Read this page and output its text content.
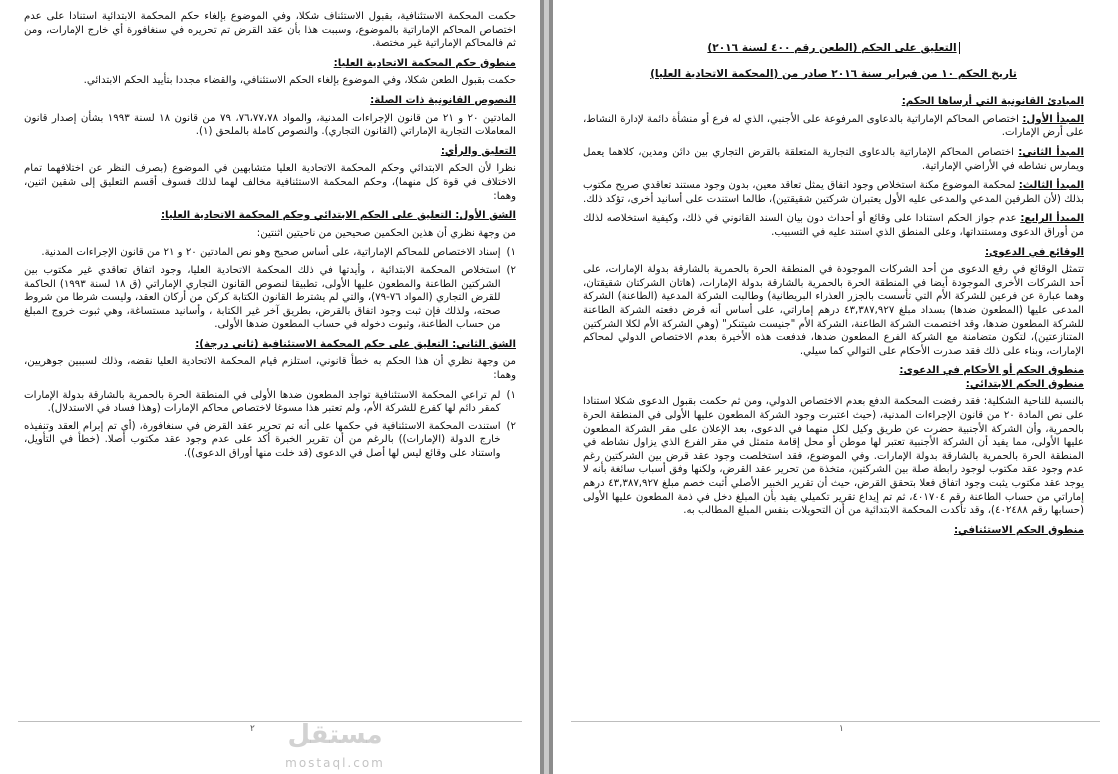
حكمت المحكمة الاستئنافية، بقبول الاستئناف شكلا، وفي الموضوع بإلغاء حكم المحكمة الابتدائية استنادا على عدم اختصاص المحاكم الإماراتية بالموضوع، وسببت هذا بأن عقد القرض تم تحريره في سنغافورة أي خارج الإمارات، ومن ثم فالمحاكم الإماراتية غير مختصة.

منطوق حكم المحكمة الاتحادية العليا:

حكمت بقبول الطعن شكلا، وفي الموضوع بإلغاء الحكم الاستئنافي، والقضاء مجددا بتأييد الحكم الابتدائي.

النصوص القانونية ذات الصلة:

المادتين ٢٠ و ٢١ من قانون الإجراءات المدنية، والمواد ٧٦،٧٧،٧٨، ٧٩ من قانون ١٨ لسنة ١٩٩٣ بشأن إصدار قانون المعاملات التجارية الإماراتي (القانون التجاري). والنصوص كاملة بالملحق (١).

التعليق والرأي:

نظرا لأن الحكم الابتدائي وحكم المحكمة الاتحادية العليا متشابهين في الموضوع (بصرف النظر عن اختلافهما تمام الاختلاف في قوة كل منهما)، وحكم المحكمة الاستئنافية مخالف لهما لذلك فسوف أقسم التعليق إلى شقين اثنين، وهما:

الشق الأول: التعليق على الحكم الابتدائي وحكم المحكمة الاتحادية العليا:

من وجهة نظري أن هذين الحكمين صحيحين من ناحيتين اثنتين:

١)
إسناد الاختصاص للمحاكم الإماراتية، على أساس صحيح وهو نص المادتين ٢٠ و ٢١ من قانون الإجراءات المدنية.
٢)
استخلاص المحكمة الابتدائية ، وأيدتها في ذلك المحكمة الاتحادية العليا، وجود اتفاق تعاقدي غير مكتوب بين الشركتين الطاعنة والمطعون عليها الأولى، تطبيقا لنصوص القانون التجاري الإماراتي (ق ١٨ لسنة ١٩٩٣) الحاكمة للقرض التجاري (المواد ٧٦-٧٩)، والتي لم يشترط القانون الكتابة كركن من أركان العقد، وليست شرطا من شروط صحته، ولذلك فإن ثبت وجود اتفاق بالقرض، بطريق آخر غير الكتابة ، وأسانيد مستساغة، وهي ثبوت خروج المبلغ من حساب الطاعنة، وثبوت دخوله في حساب المطعون ضدها الأولى.
الشق الثاني: التعليق على حكم المحكمة الاستئنافية (ثاني درجة):

من وجهة نظري أن هذا الحكم به خطأ قانوني، استلزم قيام المحكمة الاتحادية العليا نقضه، وذلك لسببين جوهريين، وهما:

١)
لم تراعي المحكمة الاستئنافية تواجد المطعون ضدها الأولى في المنطقة الحرة بالحمرية بالشارقة بدولة الإمارات كمقر دائم لها كفرع للشركة الأم، ولم تعتبر هذا مسوغا لاختصاص محاكم الإمارات (وهذا فساد في الاستدلال).
٢)
استندت المحكمة الاستئنافية في حكمها على أنه تم تحرير عقد القرض في سنغافورة، (أي تم إبرام العقد وتنفيذه خارج الدولة (الإمارات)) بالرغم من أن تقرير الخبرة أكد على عدم وجود عقد مكتوب أصلا. (خطأ في التأويل، واستناد على وقائع ليس لها أصل في الدعوى (قد خلت منها أوراق الدعوى)).
٢
التعليق على الحكم (الطعن رقم ٤٠٠ لسنة ٢٠١٦)
تاريخ الحكم ١٠ من فبراير سنة ٢٠١٦ صادر من (المحكمة الاتحادية العليا)
المبادئ القانونية التي أرساها الحكم:

المبدأ الأول: اختصاص المحاكم الإماراتية بالدعاوى المرفوعة على الأجنبي، الذي له فرع أو منشأة دائمة لإدارة النشاط، على أرض الإمارات.

المبدأ الثاني: اختصاص المحاكم الإماراتية بالدعاوى التجارية المتعلقة بالقرض التجاري بين دائن ومدين، كلاهما يعمل ويمارس نشاطه في الأراضي الإماراتية.

المبدأ الثالث: لمحكمة الموضوع مكنة استخلاص وجود اتفاق يمثل تعاقد معين، بدون وجود مستند تعاقدي صريح مكتوب بذلك (لأن الطرفين المدعي والمدعى عليه الأول يعتبران شركتين شقيقتين)، طالما استندت على أسانيد أخرى، تؤكد ذلك.

المبدأ الرابع: عدم جواز الحكم استنادا على وقائع أو أحداث دون بيان السند القانوني في ذلك، وكيفية استخلاصه لذلك من أوراق الدعوى ومستنداتها، وعلى المنطق الذي استند عليه في التسبيب.

الوقائع في الدعوى:

تتمثل الوقائع في رفع الدعوى من أحد الشركات الموجودة في المنطقة الحرة بالحمرية بالشارقة بدولة الإمارات، على أحد الشركات الأخرى الموجودة أيضا في المنطقة الحرة بالحمرية بالشارقة بدولة الإمارات، (هاتان الشركتان شقيقتان، وهما عبارة عن فرعين للشركة الأم التي تأسست بالجزر العذراء البريطانية) وطالبت الشركة المدعية (الطاعنة) الشركة المدعى عليها (المطعون ضدها) بسداد مبلغ ٤٣,٣٨٧,٩٢٧ درهم إماراتي، على أساس أنه قرض دفعته الشركة الطاعنة للشركة المطعون ضدها، وقد اختصمت الشركة الطاعنة، الشركة الأم "جنيست شيتنكر" (وهي الشركة الأم لكلا الشركتين المتنازعتين)، لتكون متضامنة مع الشركة الفرع المطعون ضدها، فدفعت هذه الأخيرة بعدم الاختصاص الدولي لمحاكم الإمارات، وبناء على ذلك فقد صدرت الأحكام على التوالي كما سيلي.

منطوق الحكم أو الأحكام في الدعوى:
منطوق الحكم الابتدائي:

بالنسبة للناحية الشكلية: فقد رفضت المحكمة الدفع بعدم الاختصاص الدولي، ومن ثم حكمت بقبول الدعوى شكلا استنادا على نص المادة ٢٠ من قانون الإجراءات المدنية، (حيث اعتبرت وجود الشركة المطعون عليها الأولى في المنطقة الحرة بالحمرية، وأن الشركة الأجنبية حضرت عن طريق وكيل لكل منهما في الدعوى، بعد الإعلان على مقر الشركة المطعون عليها الأولى، مما يفيد أن الشركة الأجنبية تعتبر لها موطن أو محل إقامة متمثل في مقر الفرع الذي يزاول نشاطه في المنطقة الحرة بالحمرية بالشارقة بدولة الإمارات. وفي الموضوع، فقد استخلصت وجود عقد قرض بين الشركتين رغم عدم وجود عقد مكتوب لوجود رابطة صلة بين الشركتين، متخذة من تحرير عقد القرض، ولكنها وفق أسباب سائغة بأنه لا يوجد عقد مكتوب يثبت وجود اتفاق فعلا بتحقق القرض، حيث أن تقرير الخبير الأصلي أثبت خصم مبلغ ٤٣,٣٨٧,٩٢٧ درهم إماراتي من حساب الطاعنة رقم ٤٠١٧٠٤، ثم تم إيداع تقرير تكميلي يفيد بأن المبلغ دخل في ذمة المطعون عليها الأولى (حسابها رقم ٤٠٢٤٨٨)، وقد تأكدت المحكمة الابتدائية من أن التحويلات بنفس المبلغ المطالب به.

منطوق الحكم الاستئنافي:
١
مستقل
mostaql.com
